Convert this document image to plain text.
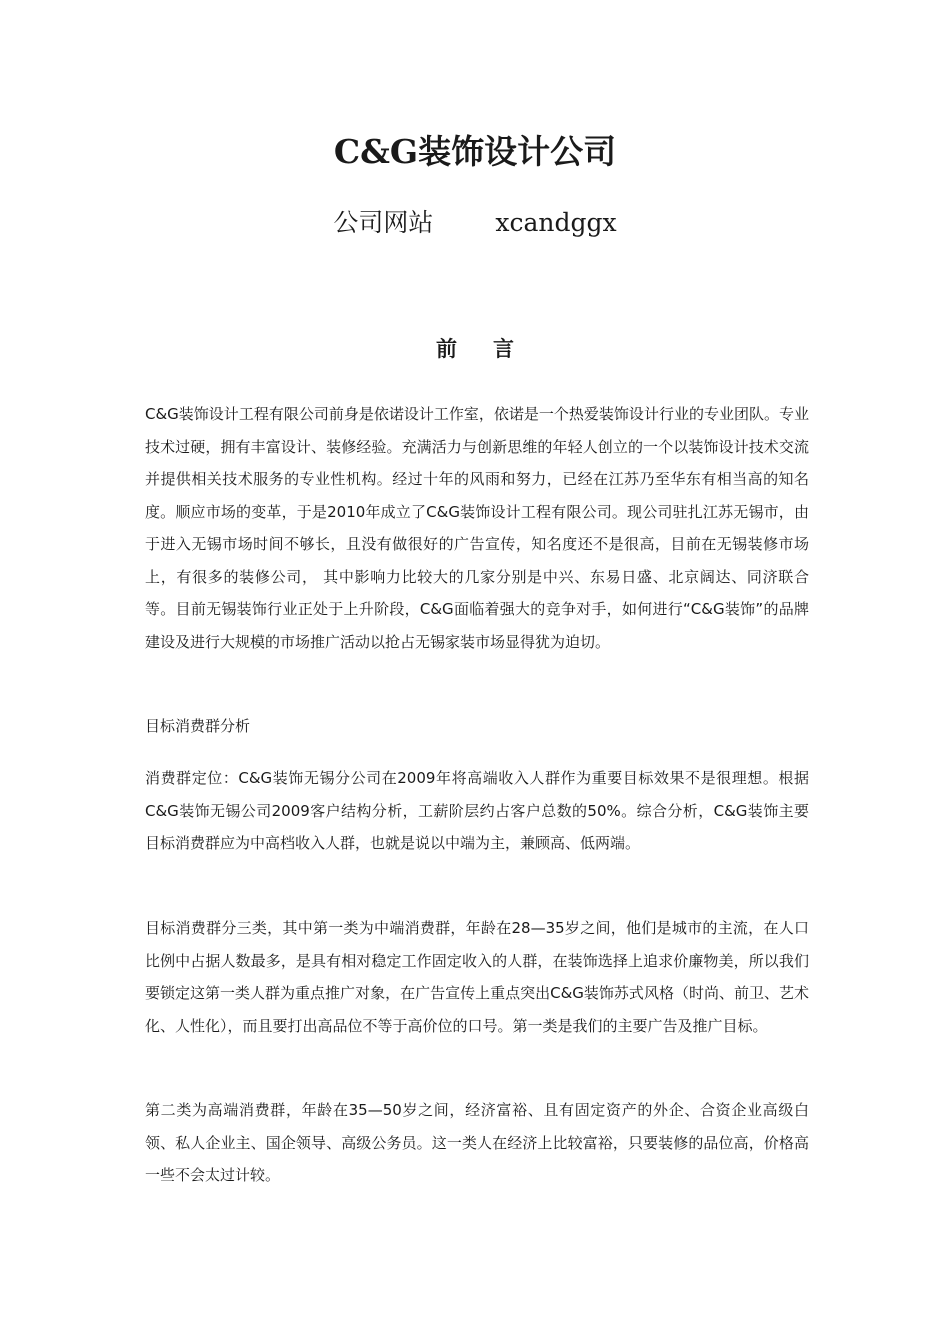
C&G装饰设计公司

公司网站 xcandggx

前 言

C&G装饰设计工程有限公司前身是依诺设计工作室，依诺是一个热爱装饰设计行业的专业团队。专业技术过硬，拥有丰富设计、装修经验。充满活力与创新思维的年轻人创立的一个以装饰设计技术交流并提供相关技术服务的专业性机构。经过十年的风雨和努力，已经在江苏乃至华东有相当高的知名度。顺应市场的变革，于是2010年成立了C&G装饰设计工程有限公司。现公司驻扎江苏无锡市，由于进入无锡市场时间不够长，且没有做很好的广告宣传，知名度还不是很高，目前在无锡装修市场上，有很多的装修公司， 其中影响力比较大的几家分别是中兴、东易日盛、北京阔达、同济联合等。目前无锡装饰行业正处于上升阶段，C&G面临着强大的竞争对手，如何进行“C&G装饰”的品牌建设及进行大规模的市场推广活动以抢占无锡家装市场显得犹为迫切。

目标消费群分析

消费群定位：C&G装饰无锡分公司在2009年将高端收入人群作为重要目标效果不是很理想。根据C&G装饰无锡公司2009客户结构分析，工薪阶层约占客户总数的50%。综合分析，C&G装饰主要目标消费群应为中高档收入人群，也就是说以中端为主，兼顾高、低两端。

目标消费群分三类，其中第一类为中端消费群，年龄在28—35岁之间，他们是城市的主流，在人口比例中占据人数最多，是具有相对稳定工作固定收入的人群，在装饰选择上追求价廉物美，所以我们要锁定这第一类人群为重点推广对象，在广告宣传上重点突出C&G装饰苏式风格（时尚、前卫、艺术化、人性化），而且要打出高品位不等于高价位的口号。第一类是我们的主要广告及推广目标。

第二类为高端消费群，年龄在35—50岁之间，经济富裕、且有固定资产的外企、合资企业高级白领、私人企业主、国企领导、高级公务员。这一类人在经济上比较富裕，只要装修的品位高，价格高一些不会太过计较。
